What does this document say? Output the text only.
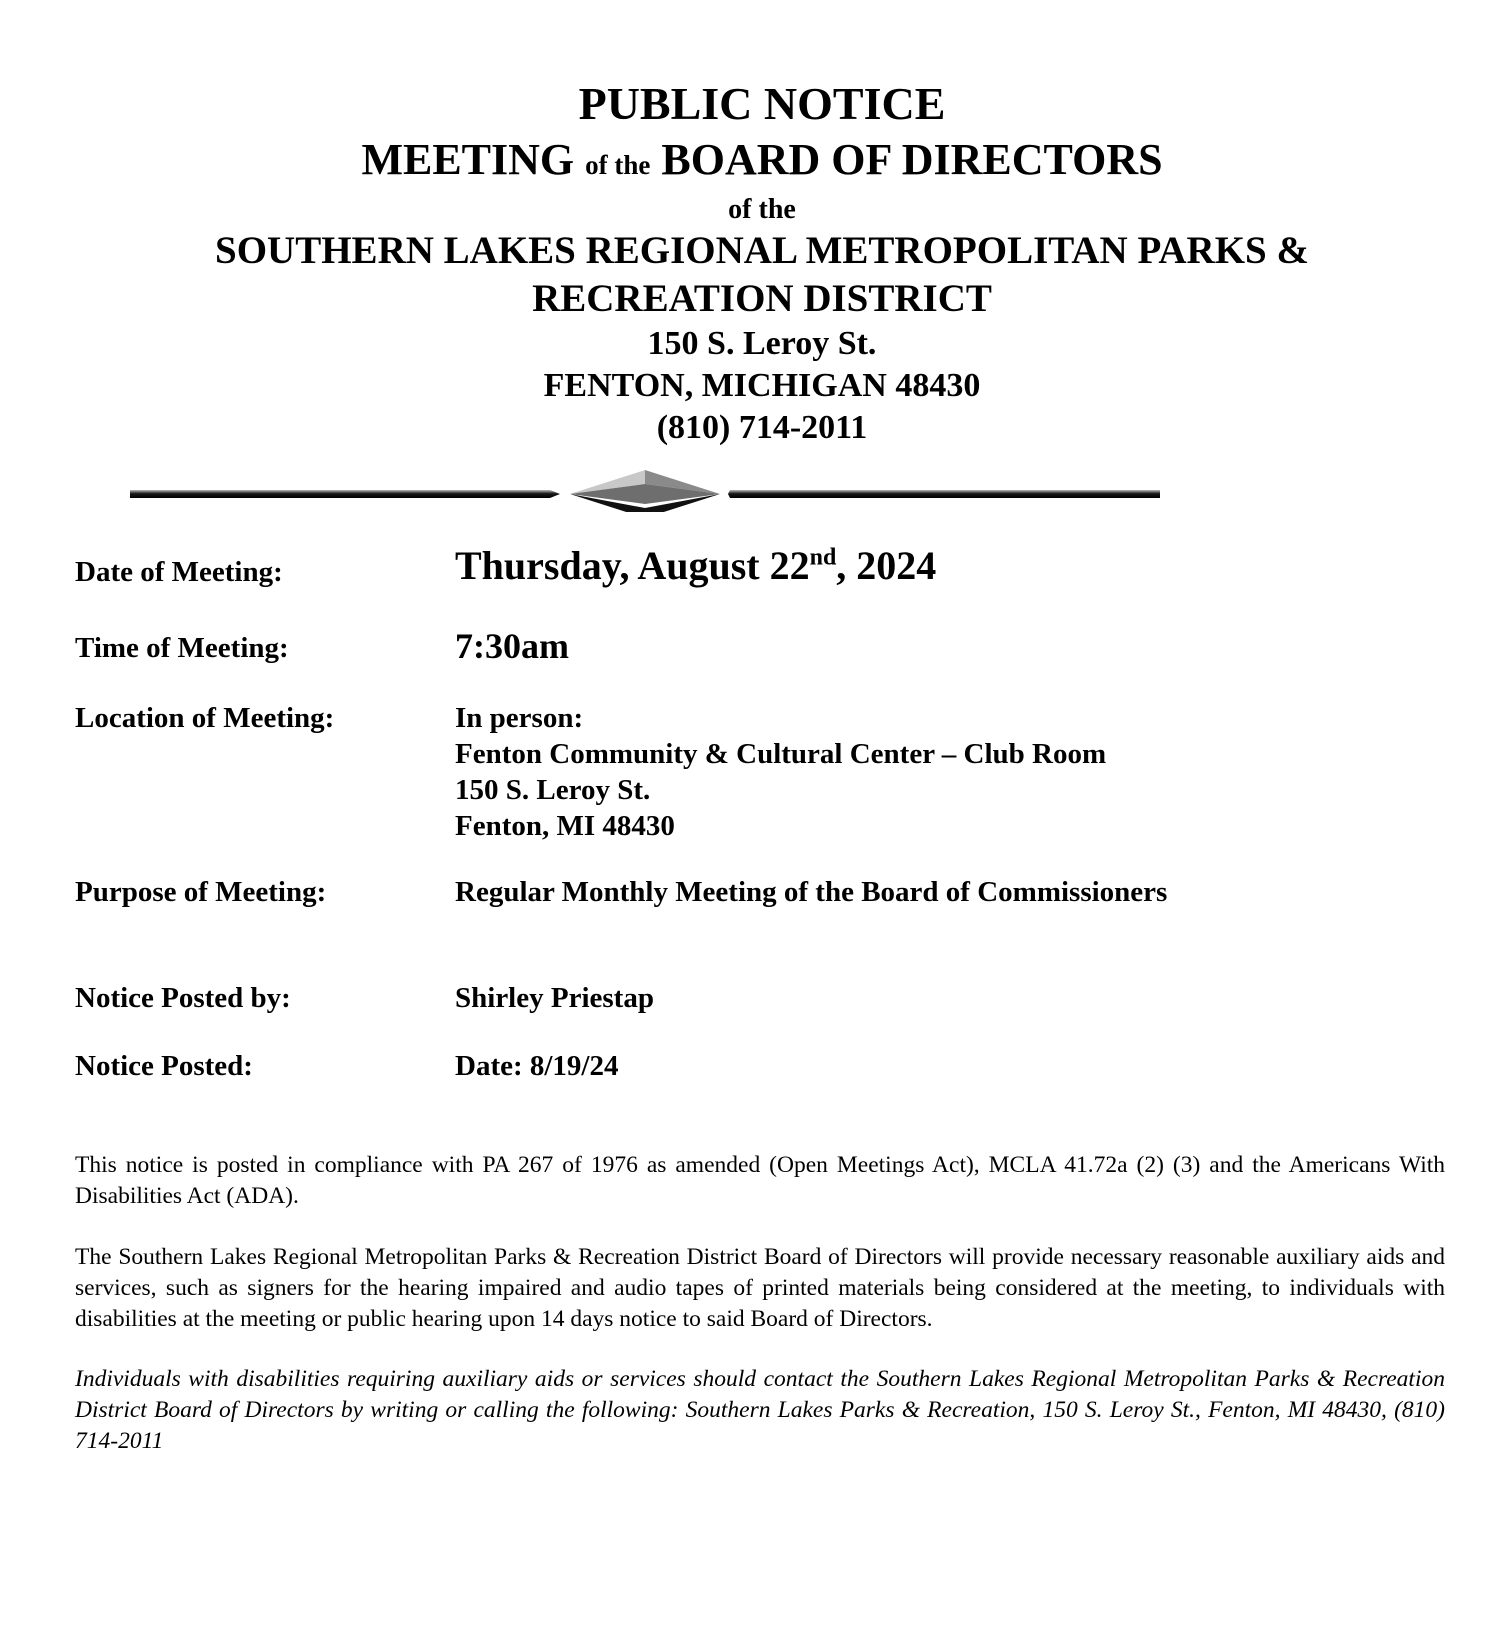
PUBLIC NOTICE
MEETING of the BOARD OF DIRECTORS
of the
SOUTHERN LAKES REGIONAL METROPOLITAN PARKS &
RECREATION DISTRICT
150 S. Leroy St.
FENTON, MICHIGAN 48430
(810) 714-2011
Date of Meeting:	Thursday, August 22nd, 2024
Time of Meeting:	7:30am
Location of Meeting:	In person:
Fenton Community & Cultural Center – Club Room
150 S. Leroy St.
Fenton, MI 48430
Purpose of Meeting:	Regular Monthly Meeting of the Board of Commissioners
Notice Posted by:	Shirley Priestap
Notice Posted:	Date: 8/19/24
This notice is posted in compliance with PA 267 of 1976 as amended (Open Meetings Act), MCLA 41.72a (2) (3) and the Americans With Disabilities Act (ADA).
The Southern Lakes Regional Metropolitan Parks & Recreation District Board of Directors will provide necessary reasonable auxiliary aids and services, such as signers for the hearing impaired and audio tapes of printed materials being considered at the meeting, to individuals with disabilities at the meeting or public hearing upon 14 days notice to said Board of Directors.
Individuals with disabilities requiring auxiliary aids or services should contact the Southern Lakes Regional Metropolitan Parks & Recreation District Board of Directors by writing or calling the following: Southern Lakes Parks & Recreation, 150 S. Leroy St., Fenton, MI 48430, (810) 714-2011
